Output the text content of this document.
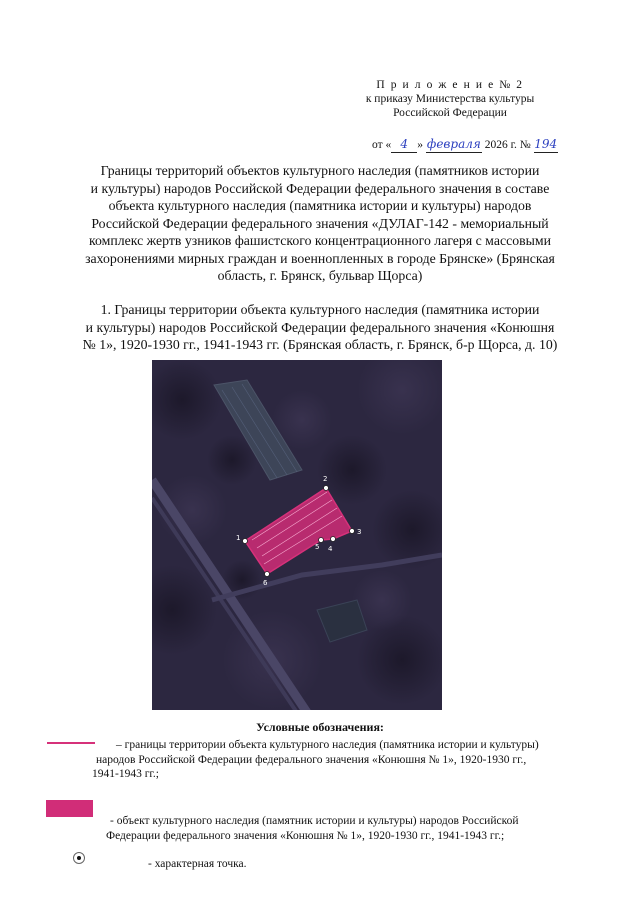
П р и л о ж е н и е № 2
к приказу Министерства культуры
Российской Федерации
от « 4 » февраля 2026 г. № 194
Границы территорий объектов культурного наследия (памятников истории
и культуры) народов Российской Федерации федерального значения в составе
объекта культурного наследия (памятника истории и культуры) народов
Российской Федерации федерального значения «ДУЛАГ-142 - мемориальный
комплекс жертв узников фашистского концентрационного лагеря с массовыми
захоронениями мирных граждан и военнопленных в городе Брянске» (Брянская
область, г. Брянск, бульвар Щорса)
1. Границы территории объекта культурного наследия (памятника истории
и культуры) народов Российской Федерации федерального значения «Конюшня
№ 1», 1920-1930 гг., 1941-1943 гг. (Брянская область, г. Брянск, б-р Щорса, д. 10)
1
2
3
4
5
6
Условные обозначения:
– границы территории объекта культурного наследия (памятника истории и культуры)
народов Российской Федерации федерального значения «Конюшня № 1», 1920-1930 гг.,
1941-1943 гг.;
- объект культурного наследия (памятник истории и культуры) народов Российской
Федерации федерального значения «Конюшня № 1», 1920-1930 гг., 1941-1943 гг.;
- характерная точка.
